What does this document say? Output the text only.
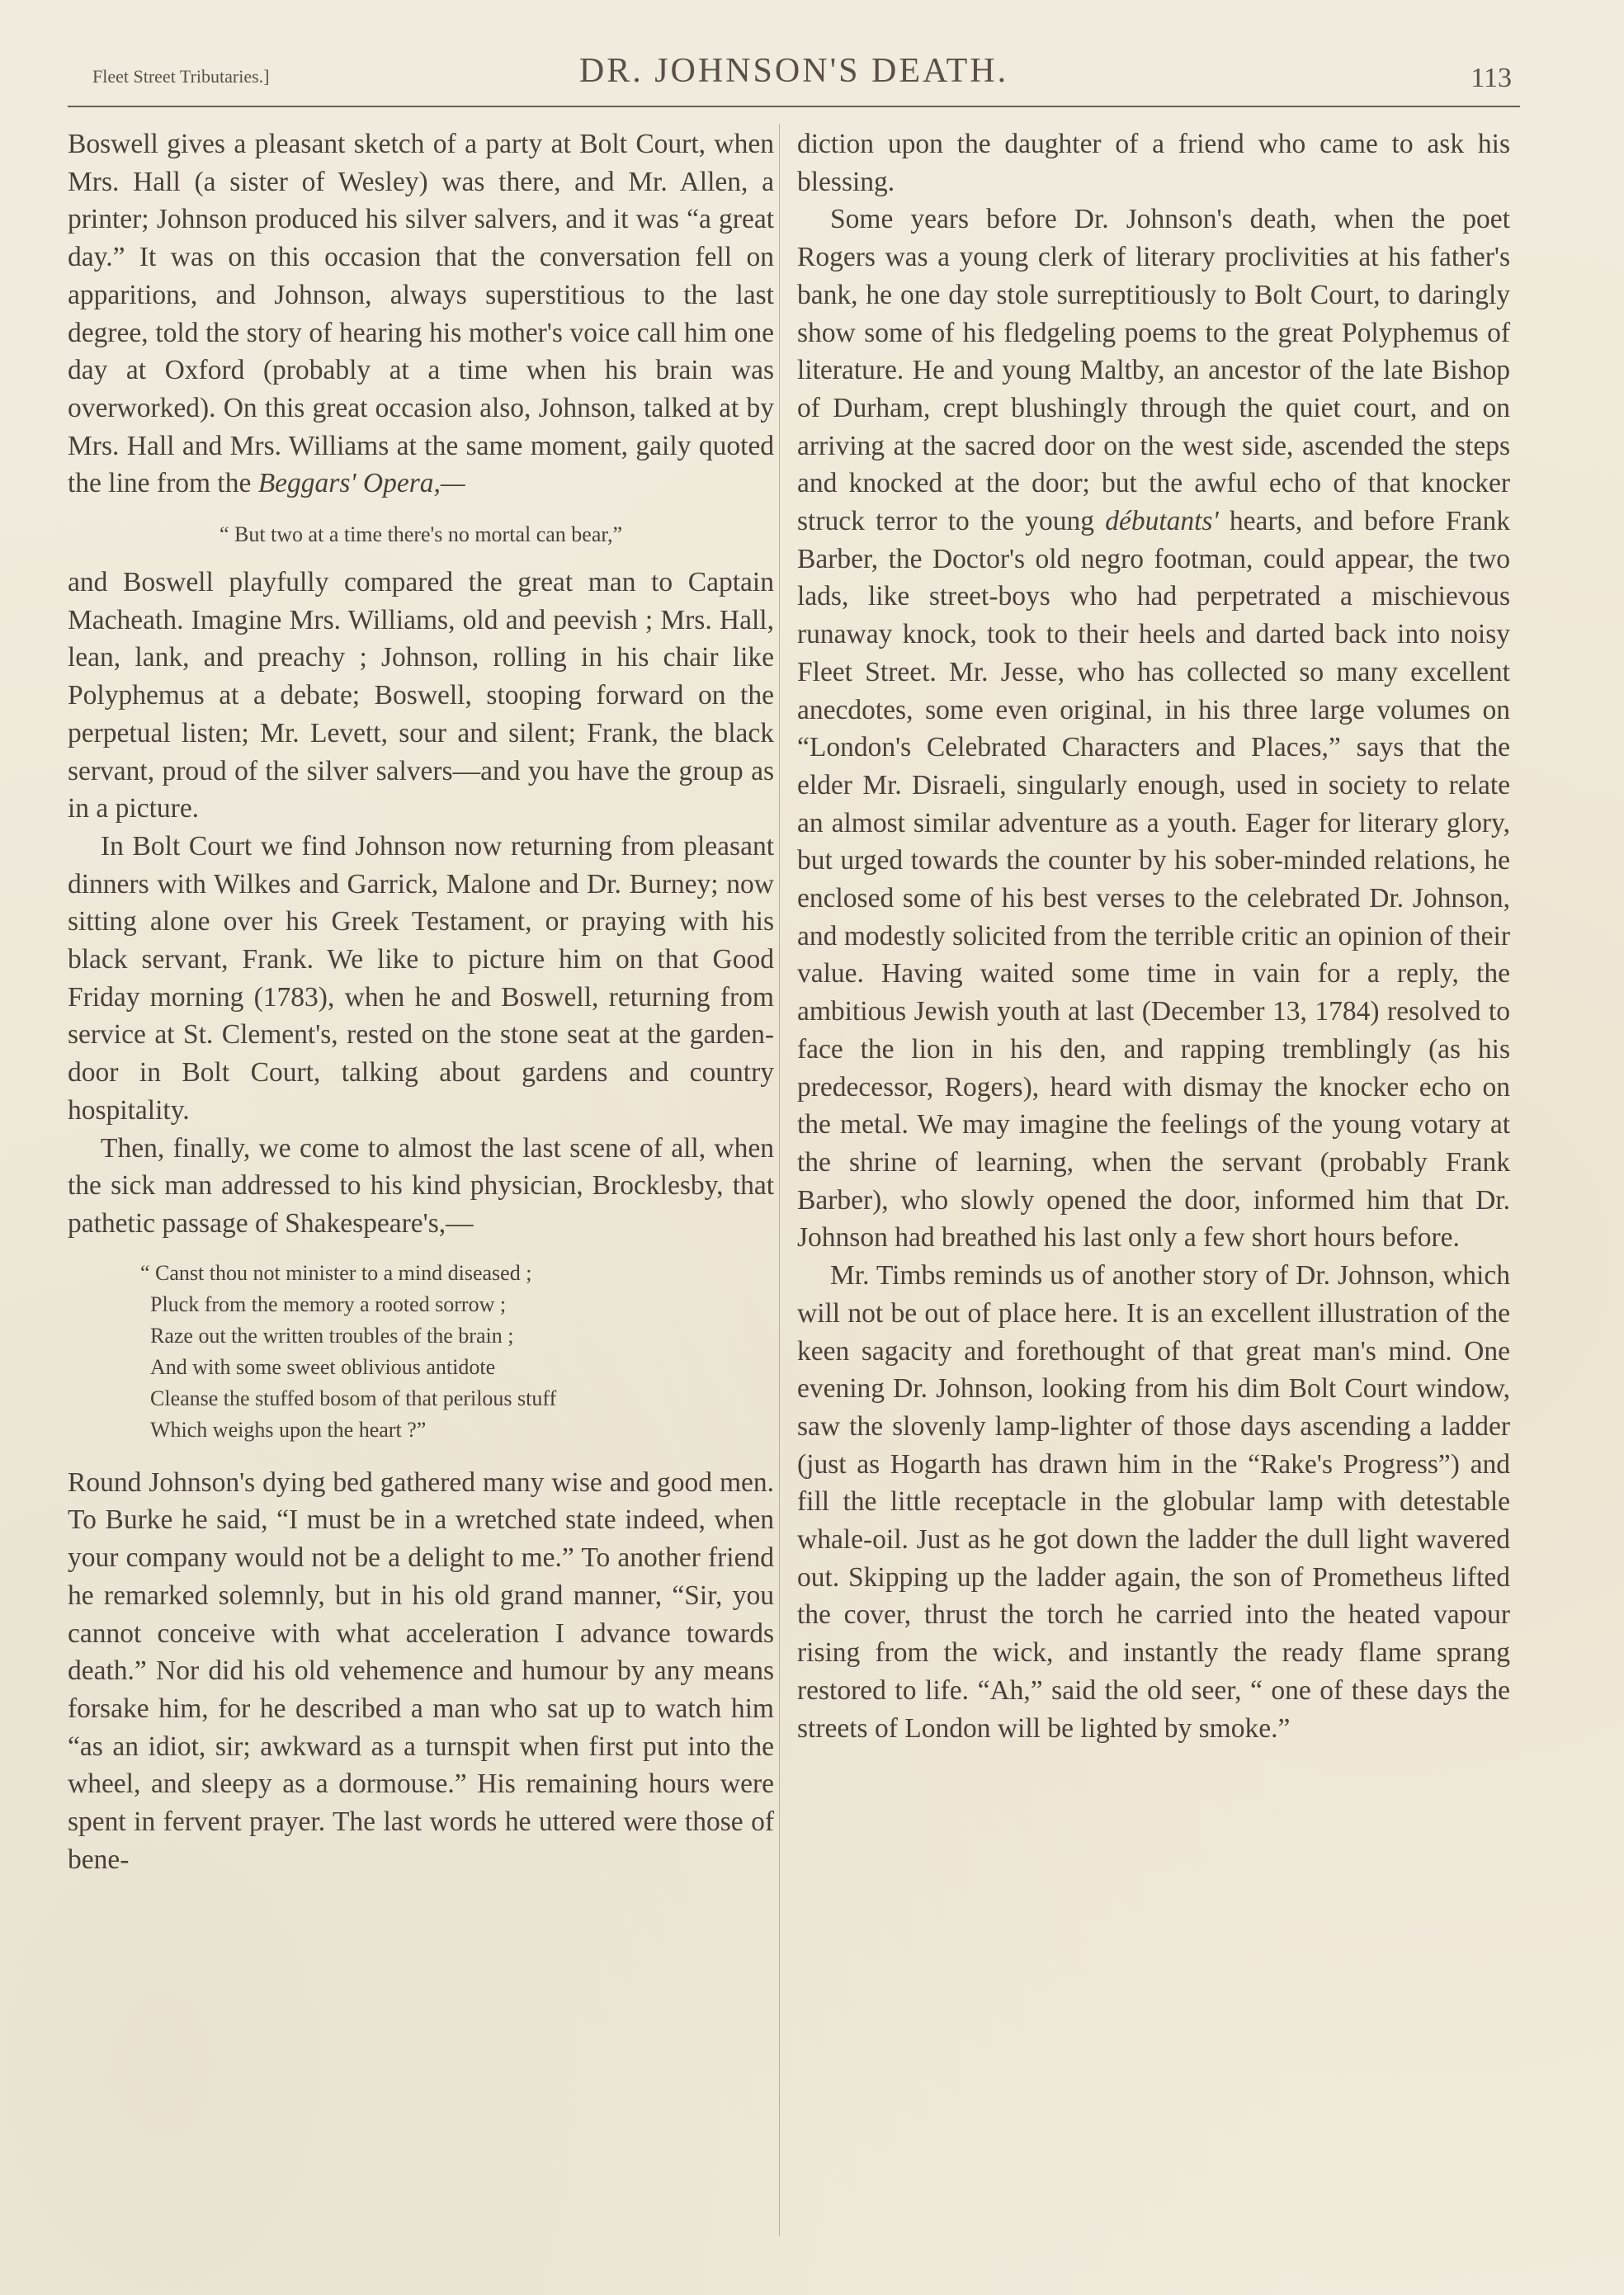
Fleet Street Tributaries.]	DR. JOHNSON'S DEATH.	113

Boswell gives a pleasant sketch of a party at Bolt Court, when Mrs. Hall (a sister of Wesley) was there, and Mr. Allen, a printer; Johnson produced his silver salvers, and it was “a great day.” It was on this occasion that the conversation fell on apparitions, and Johnson, always superstitious to the last degree, told the story of hearing his mother's voice call him one day at Oxford (probably at a time when his brain was overworked). On this great occasion also, Johnson, talked at by Mrs. Hall and Mrs. Williams at the same moment, gaily quoted the line from the Beggars' Opera,—

“ But two at a time there's no mortal can bear,”

and Boswell playfully compared the great man to Captain Macheath. Imagine Mrs. Williams, old and peevish ; Mrs. Hall, lean, lank, and preachy ; Johnson, rolling in his chair like Polyphemus at a debate; Boswell, stooping forward on the perpetual listen; Mr. Levett, sour and silent; Frank, the black servant, proud of the silver salvers—and you have the group as in a picture.

In Bolt Court we find Johnson now returning from pleasant dinners with Wilkes and Garrick, Malone and Dr. Burney; now sitting alone over his Greek Testament, or praying with his black servant, Frank. We like to picture him on that Good Friday morning (1783), when he and Boswell, returning from service at St. Clement's, rested on the stone seat at the garden-door in Bolt Court, talking about gardens and country hospitality.

Then, finally, we come to almost the last scene of all, when the sick man addressed to his kind physician, Brocklesby, that pathetic passage of Shakespeare's,—

“ Canst thou not minister to a mind diseased ;
Pluck from the memory a rooted sorrow ;
Raze out the written troubles of the brain ;
And with some sweet oblivious antidote
Cleanse the stuffed bosom of that perilous stuff
Which weighs upon the heart ?”

Round Johnson's dying bed gathered many wise and good men. To Burke he said, “I must be in a wretched state indeed, when your company would not be a delight to me.” To another friend he remarked solemnly, but in his old grand manner, “Sir, you cannot conceive with what acceleration I advance towards death.” Nor did his old vehemence and humour by any means forsake him, for he described a man who sat up to watch him “as an idiot, sir; awkward as a turnspit when first put into the wheel, and sleepy as a dormouse.” His remaining hours were spent in fervent prayer. The last words he uttered were those of bene-

diction upon the daughter of a friend who came to ask his blessing.

Some years before Dr. Johnson's death, when the poet Rogers was a young clerk of literary proclivities at his father's bank, he one day stole surreptitiously to Bolt Court, to daringly show some of his fledgeling poems to the great Polyphemus of literature. He and young Maltby, an ancestor of the late Bishop of Durham, crept blushingly through the quiet court, and on arriving at the sacred door on the west side, ascended the steps and knocked at the door; but the awful echo of that knocker struck terror to the young débutants' hearts, and before Frank Barber, the Doctor's old negro footman, could appear, the two lads, like street-boys who had perpetrated a mischievous runaway knock, took to their heels and darted back into noisy Fleet Street. Mr. Jesse, who has collected so many excellent anecdotes, some even original, in his three large volumes on “London's Celebrated Characters and Places,” says that the elder Mr. Disraeli, singularly enough, used in society to relate an almost similar adventure as a youth. Eager for literary glory, but urged towards the counter by his sober-minded relations, he enclosed some of his best verses to the celebrated Dr. Johnson, and modestly solicited from the terrible critic an opinion of their value. Having waited some time in vain for a reply, the ambitious Jewish youth at last (December 13, 1784) resolved to face the lion in his den, and rapping tremblingly (as his predecessor, Rogers), heard with dismay the knocker echo on the metal. We may imagine the feelings of the young votary at the shrine of learning, when the servant (probably Frank Barber), who slowly opened the door, informed him that Dr. Johnson had breathed his last only a few short hours before.

Mr. Timbs reminds us of another story of Dr. Johnson, which will not be out of place here. It is an excellent illustration of the keen sagacity and forethought of that great man's mind. One evening Dr. Johnson, looking from his dim Bolt Court window, saw the slovenly lamp-lighter of those days ascending a ladder (just as Hogarth has drawn him in the “Rake's Progress”) and fill the little receptacle in the globular lamp with detestable whale-oil. Just as he got down the ladder the dull light wavered out. Skipping up the ladder again, the son of Prometheus lifted the cover, thrust the torch he carried into the heated vapour rising from the wick, and instantly the ready flame sprang restored to life. “Ah,” said the old seer, “ one of these days the streets of London will be lighted by smoke.”
